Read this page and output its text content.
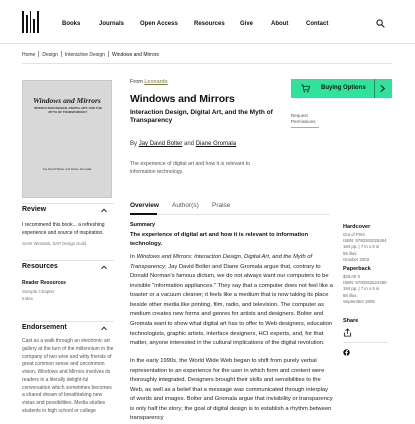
Books	Journals	Open Access	Resources	Give	About	Contact
Home Design Interactive Design Windows and Mirrors
Windows and Mirrors
INTERACTION DESIGN, DIGITAL ART, AND THE MYTH OF TRANSPARENCY
Jay David Bolter and Diane Gromala
From Leonardo
Windows and Mirrors
Interaction Design, Digital Art, and the Myth of Transparency
By Jay David Bolter and Diane Gromala
The experience of digital art and how it is relevant to information technology.
Buying Options
Request Permissions
Review
I recommend this book... a refreshing experience and source of inspiration.
Gerrit Weissink, SAP Design Guild
Resources
Reader Resources
Sample Chapter
Index
Endorsement
Cast as a walk through an electronic art gallery at the turn of the millennium in the company of two wise and witty friends of great common sense and uncommon vision, Windows and Mirrors involves its readers in a literally delight-ful conversation which sometimes becomes a shared dream of breathtaking new vistas and possibilities. Media studies students in high school or college
Overview Author(s) Praise
Summary
The experience of digital art and how it is relevant to information technology.
In Windows and Mirrors: Interaction Design, Digital Art, and the Myth of Transparency; Jay David Bolter and Diane Gromala argue that, contrary to Donald Norman's famous dictum, we do not always want our computers to be invisible "information appliances." They say that a computer does not feel like a toaster or a vacuum cleaner; it feels like a medium that is now taking its place beside other media like printing, film, radio, and television. The computer as medium creates new forms and genres for artists and designers. Bolter and Gromala want to show what digital art has to offer to Web designers, education technologists, graphic artists, interface designers, HCI experts, and, for that matter, anyone interested in the cultural implications of the digital revolution.
In the early 1990s, the World Wide Web began to shift from purely verbal representation to an experience for the user in which form and content were thoroughly integrated. Designers brought their skills and sensibilities to the Web, as well as a belief that a message was communicated through interplay of words and images. Bolter and Gromala argue that invisibility or transparency is only half the story; the goal of digital design is to establish a rhythm between transparency
Hardcover
Out of Print
ISBN: 9780262025454
184 pp. | 7 in x 9 in
59 illus.
October 2003
Paperback
$25.00 X
ISBN: 9780262524490
184 pp. | 7 in x 9 in
59 illus.
September 2005
Share
